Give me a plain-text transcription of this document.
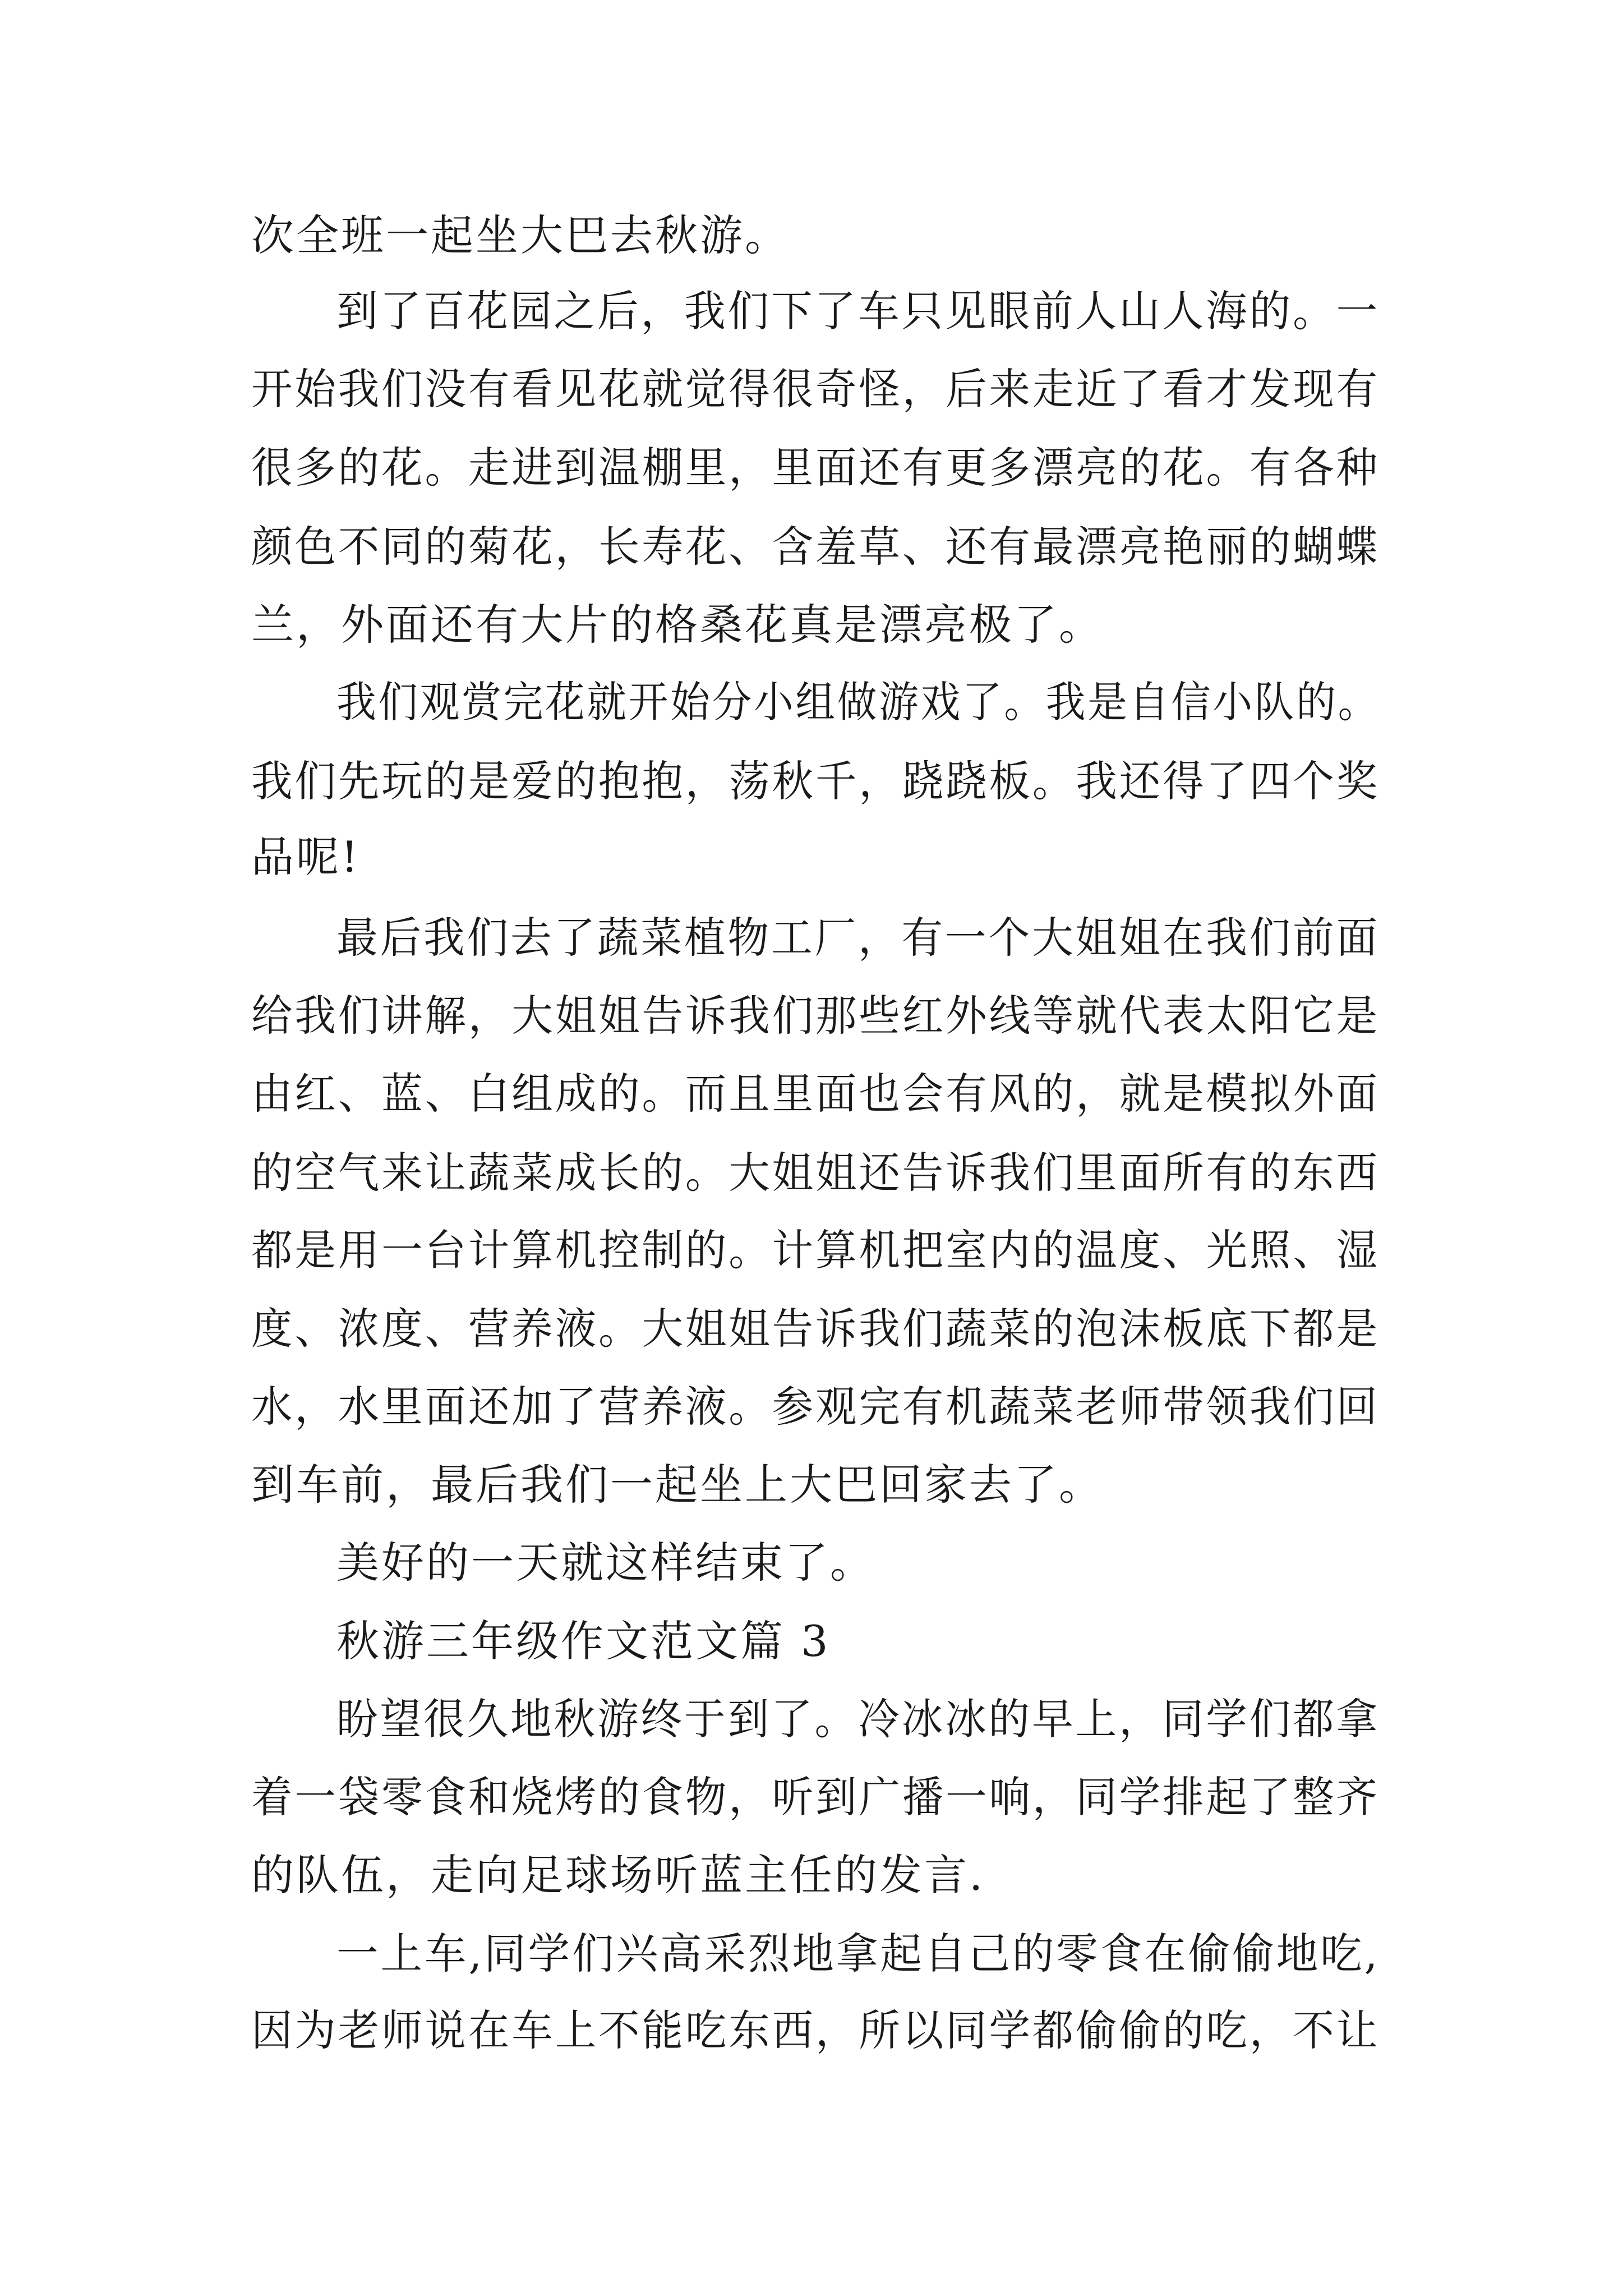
次全班一起坐大巴去秋游。
到了百花园之后，我们下了车只见眼前人山人海的。一
开始我们没有看见花就觉得很奇怪，后来走近了看才发现有
很多的花。走进到温棚里，里面还有更多漂亮的花。有各种
颜色不同的菊花，长寿花、含羞草、还有最漂亮艳丽的蝴蝶
兰，外面还有大片的格桑花真是漂亮极了。
我们观赏完花就开始分小组做游戏了。我是自信小队的。
我们先玩的是爱的抱抱，荡秋千，跷跷板。我还得了四个奖
品呢!
最后我们去了蔬菜植物工厂，有一个大姐姐在我们前面
给我们讲解，大姐姐告诉我们那些红外线等就代表太阳它是
由红、蓝、白组成的。而且里面也会有风的，就是模拟外面
的空气来让蔬菜成长的。大姐姐还告诉我们里面所有的东西
都是用一台计算机控制的。计算机把室内的温度、光照、湿
度、浓度、营养液。大姐姐告诉我们蔬菜的泡沫板底下都是
水，水里面还加了营养液。参观完有机蔬菜老师带领我们回
到车前，最后我们一起坐上大巴回家去了。
美好的一天就这样结束了。
秋游三年级作文范文篇 3
盼望很久地秋游终于到了。冷冰冰的早上，同学们都拿
着一袋零食和烧烤的食物，听到广播一响，同学排起了整齐
的队伍，走向足球场听蓝主任的发言.
一上车,同学们兴高采烈地拿起自己的零食在偷偷地吃,
因为老师说在车上不能吃东西，所以同学都偷偷的吃，不让
